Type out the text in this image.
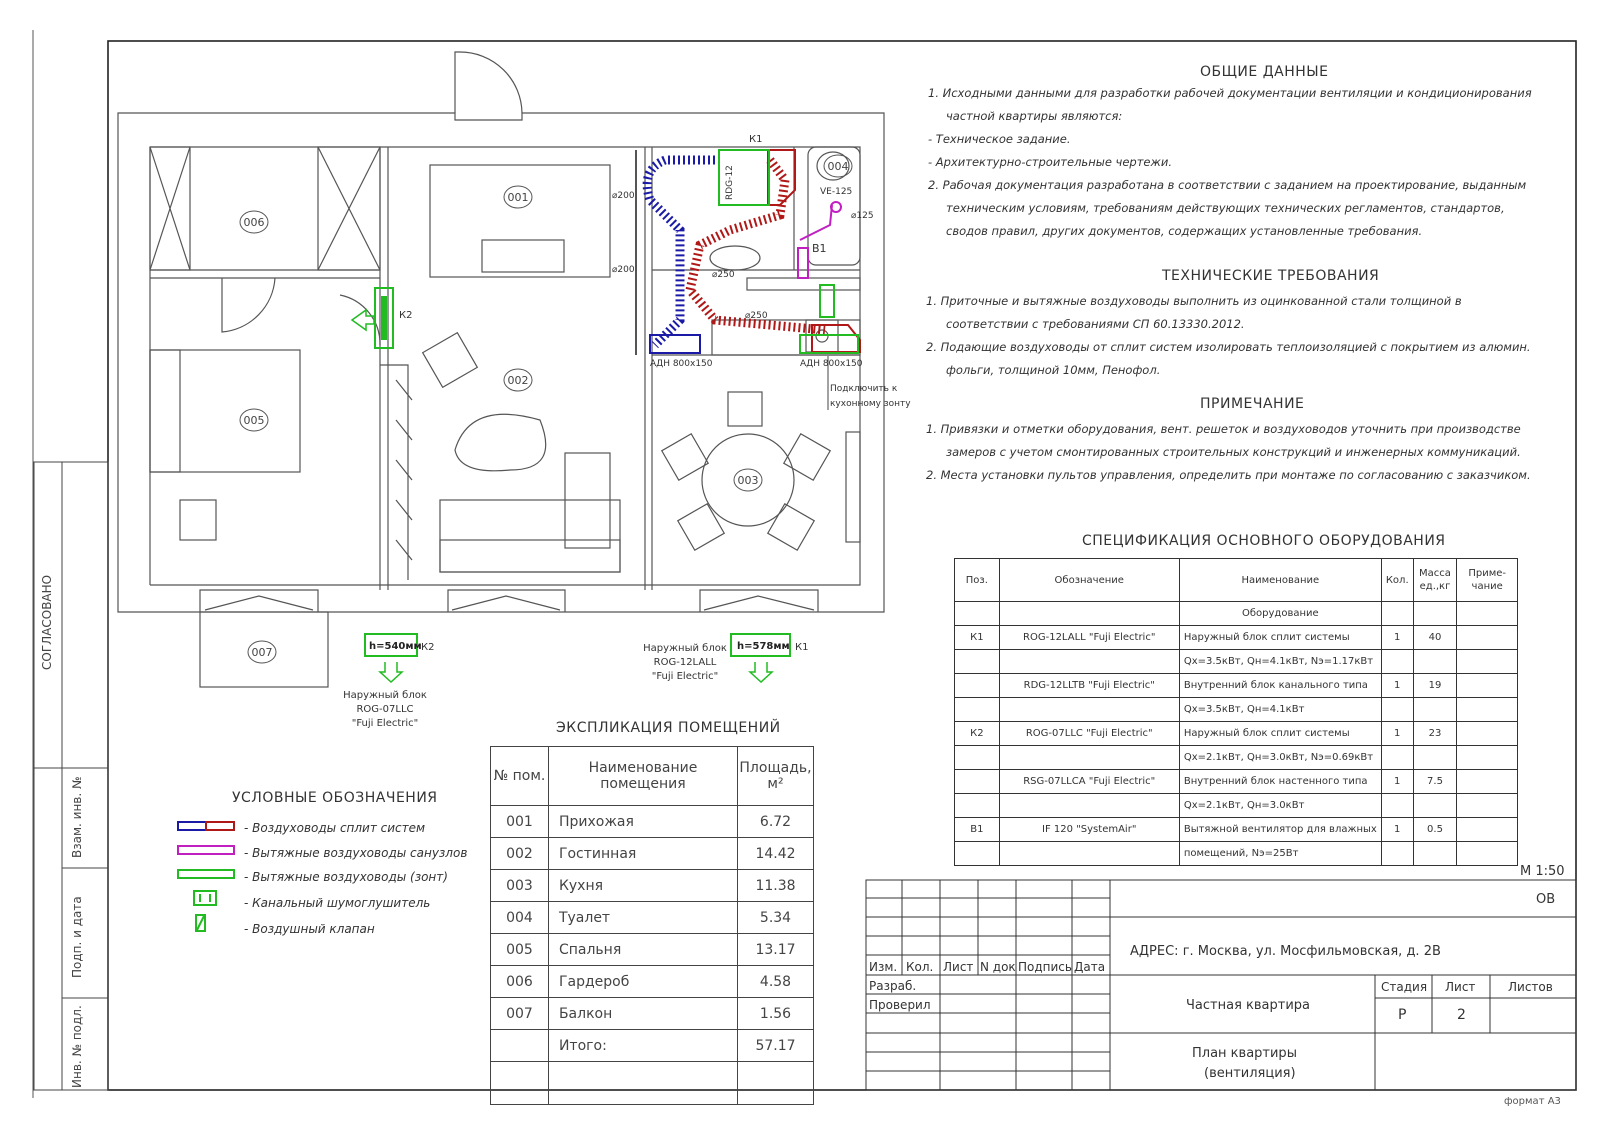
СОГЛАСОВАНО
Взам. инв. №
Подп. и дата
Инв. № подл.
001
002
003
004
005
006
007
RDG-12
К1
VE-125
⌀125
В1
⌀200
⌀200	⌀250
⌀250
АДН 800х150	АДН 800х150
Подключить к
кухонному зонту
К2
h=540мм К2
Наружный блок
ROG-07LLC
"Fuji Electric"
h=578мм К1
Наружный блок
ROG-12LALL
"Fuji Electric"
ОБЩИЕ ДАННЫЕ
1. Исходными данными для разработки рабочей документации вентиляции и кондиционирования
частной квартиры являются:
- Техническое задание.
- Архитектурно-строительные чертежи.
2. Рабочая документация разработана в соответствии с заданием на проектирование, выданным
техническим условиям, требованиям действующих технических регламентов, стандартов,
сводов правил, других документов, содержащих установленные требования.
ТЕХНИЧЕСКИЕ ТРЕБОВАНИЯ
1. Приточные и вытяжные воздуховоды выполнить из оцинкованной стали толщиной в
соответствии с требованиями СП 60.13330.2012.
2. Подающие воздуховоды от сплит систем изолировать теплоизоляцией с покрытием из алюмин.
фольги, толщиной 10мм, Пенофол.
ПРИМЕЧАНИЕ
1. Привязки и отметки оборудования, вент. решеток и воздуховодов уточнить при производстве
замеров с учетом смонтированных строительных конструкций и инженерных коммуникаций.
2. Места установки пультов управления, определить при монтаже по согласованию с заказчиком.
СПЕЦИФИКАЦИЯ ОСНОВНОГО ОБОРУДОВАНИЯ
Поз.	Обозначение	Наименование	Кол.	Масса ед.,кг	Приме- чание
		Оборудование			
К1	ROG-12LALL "Fuji Electric"	Наружный блок сплит системы	1	40	
		Qх=3.5кВт, Qн=4.1кВт, Nэ=1.17кВт			
	RDG-12LLTB "Fuji Electric"	Внутренний блок канального типа	1	19	
		Qх=3.5кВт, Qн=4.1кВт			
К2	ROG-07LLC "Fuji Electric"	Наружный блок сплит системы	1	23	
		Qх=2.1кВт, Qн=3.0кВт, Nэ=0.69кВт			
	RSG-07LLCA "Fuji Electric"	Внутренний блок настенного типа	1	7.5	
		Qх=2.1кВт, Qн=3.0кВт			
В1	IF 120 "SystemAir"	Вытяжной вентилятор для влажных	1	0.5	
		помещений, Nэ=25Вт			
М 1:50
ЭКСПЛИКАЦИЯ ПОМЕЩЕНИЙ
№ пом.	Наименование помещения	Площадь, м²
001	Прихожая	6.72
002	Гостинная	14.42
003	Кухня	11.38
004	Туалет	5.34
005	Спальня	13.17
006	Гардероб	4.58
007	Балкон	1.56
	Итого:	57.17

УСЛОВНЫЕ ОБОЗНАЧЕНИЯ
- Воздуховоды сплит систем
- Вытяжные воздуховоды санузлов
- Вытяжные воздуховоды (зонт)
- Канальный шумоглушитель
- Воздушный клапан
ОВ
Изм. Кол. Лист N док Подпись Дата
Разраб.
Проверил
АДРЕС: г. Москва, ул. Мосфильмовская, д. 2В
Частная квартира
Стадия Лист	Листов
Р	2
План квартиры
(вентиляция)
формат А3
